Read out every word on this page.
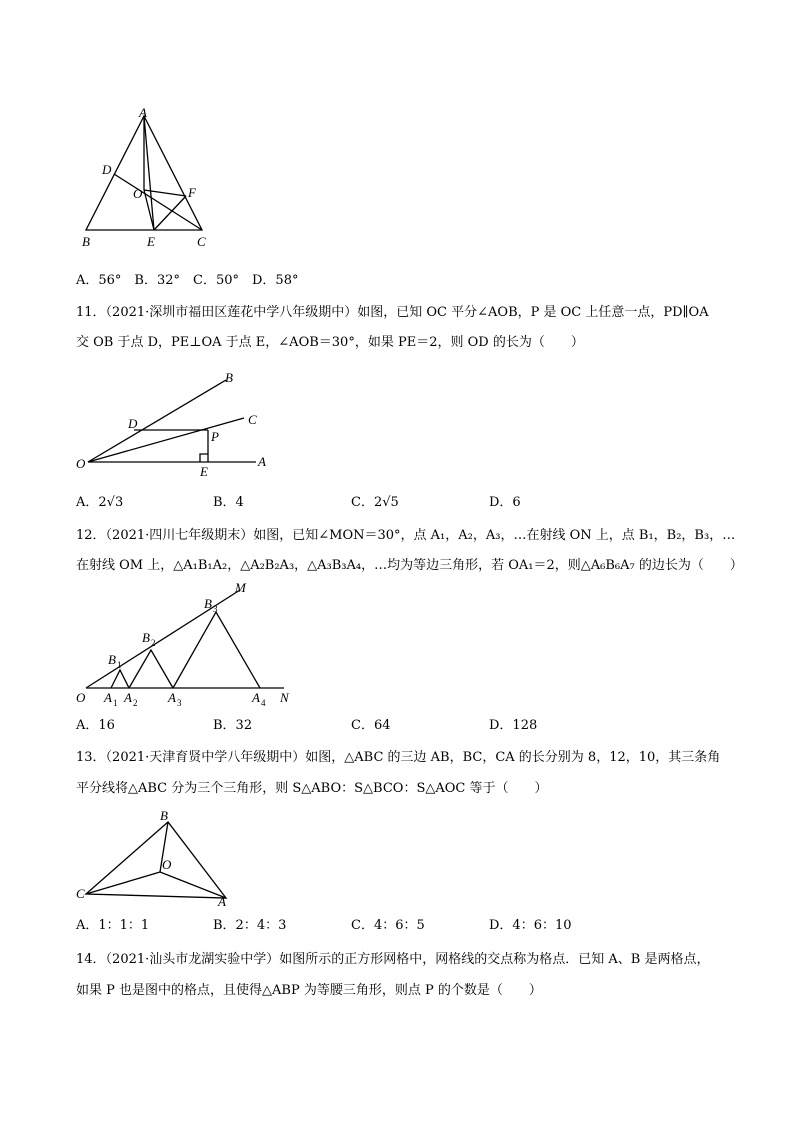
A
D
O	F
B	E	C
A．56°　B．32°　C．50°　D．58°
11．（2021·深圳市福田区莲花中学八年级期中）如图，已知 OC 平分∠AOB，P 是 OC 上任意一点，PD∥OA
交 OB 于点 D，PE⊥OA 于点 E，∠AOB＝30°，如果 PE＝2，则 OD 的长为（　　）
B
C
D
P
O
E
A
A．2√3	B．4	C．2√5	D．6
12．（2021·四川七年级期末）如图，已知∠MON＝30°，点 A₁，A₂，A₃，…在射线 ON 上，点 B₁，B₂，B₃，…
在射线 OM 上，△A₁B₁A₂，△A₂B₂A₃，△A₃B₃A₄，…均为等边三角形，若 OA₁＝2，则△A₆B₆A₇ 的边长为（　　）
M
N
O
B 1
B 2
B 3
A 1 A 2 A 3	A 4
A．16	B．32	C．64	D．128
13．（2021·天津育贤中学八年级期中）如图，△ABC 的三边 AB，BC，CA 的长分别为 8，12，10，其三条角
平分线将△ABC 分为三个三角形，则 S△ABO：S△BCO：S△AOC 等于（　　）
B
O
C
A
A．1：1：1	B．2：4：3	C．4：6：5	D．4：6：10
14．（2021·汕头市龙湖实验中学）如图所示的正方形网格中，网格线的交点称为格点．已知 A、B 是两格点，
如果 P 也是图中的格点，且使得△ABP 为等腰三角形，则点 P 的个数是（　　）
